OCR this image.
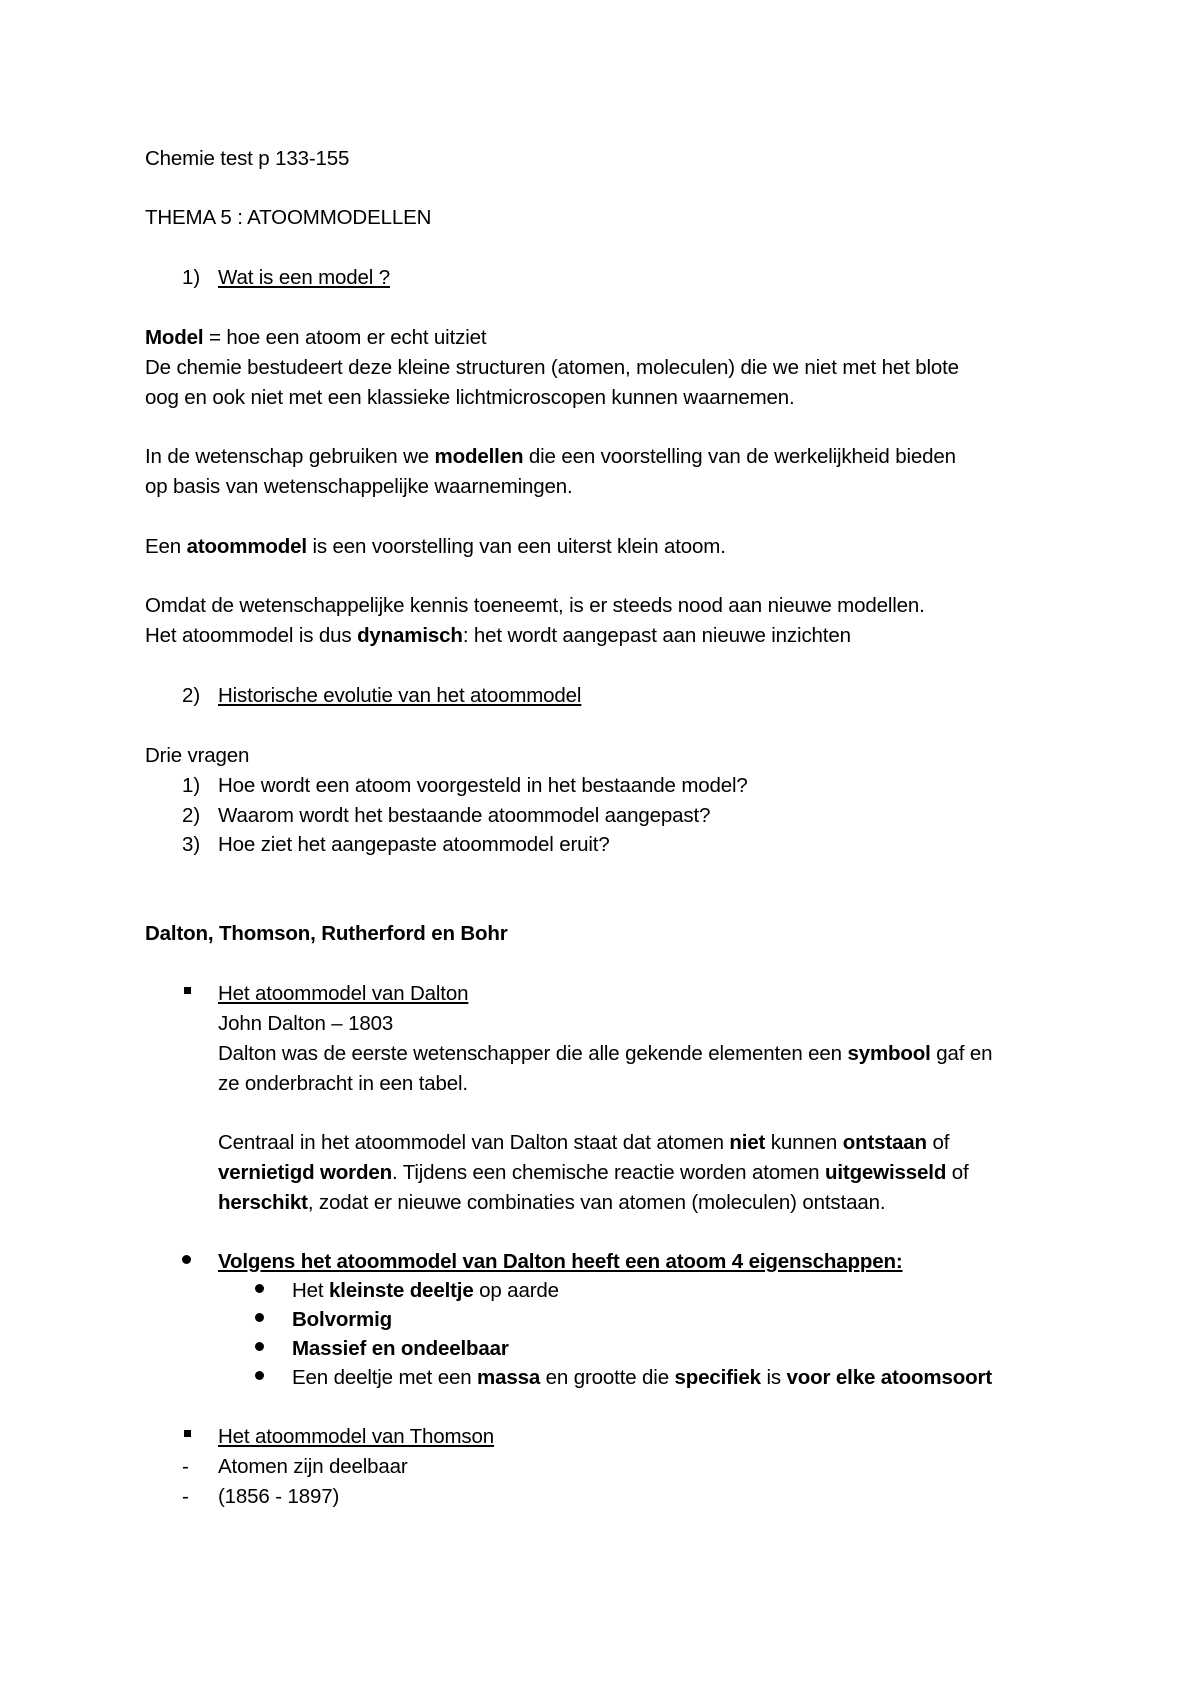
Chemie test p 133-155
THEMA 5 : ATOOMMODELLEN
1) Wat is een model ?
Model = hoe een atoom er echt uitziet
De chemie bestudeert deze kleine structuren (atomen, moleculen) die we niet met het blote
oog en ook niet met een klassieke lichtmicroscopen kunnen waarnemen.
In de wetenschap gebruiken we modellen die een voorstelling van de werkelijkheid bieden
op basis van wetenschappelijke waarnemingen.
Een atoommodel is een voorstelling van een uiterst klein atoom.
Omdat de wetenschappelijke kennis toeneemt, is er steeds nood aan nieuwe modellen.
Het atoommodel is dus dynamisch: het wordt aangepast aan nieuwe inzichten
2) Historische evolutie van het atoommodel
Drie vragen
1) Hoe wordt een atoom voorgesteld in het bestaande model?
2) Waarom wordt het bestaande atoommodel aangepast?
3) Hoe ziet het aangepaste atoommodel eruit?
Dalton, Thomson, Rutherford en Bohr
Het atoommodel van Dalton
John Dalton – 1803
Dalton was de eerste wetenschapper die alle gekende elementen een symbool gaf en
ze onderbracht in een tabel.
Centraal in het atoommodel van Dalton staat dat atomen niet kunnen ontstaan of
vernietigd worden. Tijdens een chemische reactie worden atomen uitgewisseld of
herschikt, zodat er nieuwe combinaties van atomen (moleculen) ontstaan.
Volgens het atoommodel van Dalton heeft een atoom 4 eigenschappen:
Het kleinste deeltje op aarde
Bolvormig
Massief en ondeelbaar
Een deeltje met een massa en grootte die specifiek is voor elke atoomsoort
Het atoommodel van Thomson
- Atomen zijn deelbaar
- (1856 - 1897)
